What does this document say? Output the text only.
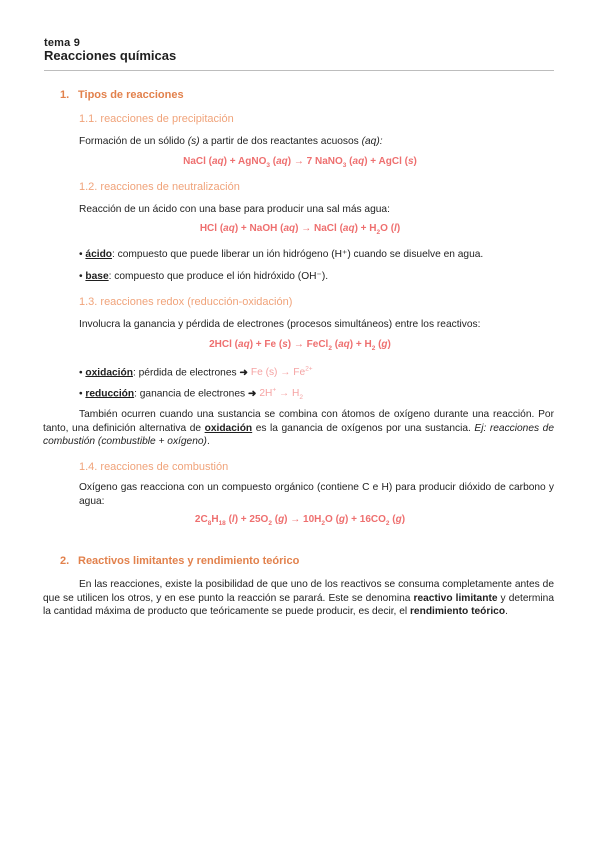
tema 9
Reacciones químicas
1. Tipos de reacciones
1.1. reacciones de precipitación
Formación de un sólido (s) a partir de dos reactantes acuosos (aq):
NaCl (aq) + AgNO$_3$ (aq) → 7 NaNO$_3$ (aq) + AgCl (s)
1.2. reacciones de neutralización
Reacción de un ácido con una base para producir una sal más agua:
HCl (aq) + NaOH (aq) → NaCl $(aq) + H_2O$ (l)
• ácido: compuesto que puede liberar un ión hidrógeno (H⁺) cuando se disuelve en agua.
• base: compuesto que produce el ión hidróxido (OH⁻).
1.3. reacciones redox (reducción-oxidación)
Involucra la ganancia y pérdida de electrones (procesos simultáneos) entre los reactivos:
2HCl (aq) + Fe (s) → FeCl$_2$ $(aq) + H_2$ (g)
• oxidación: pérdida de electrones ➜ Fe $(s) \to Fe^{2+}$
• reducción: ganancia de electrones ➜ $2H^+ \to H_2$
También ocurren cuando una sustancia se combina con átomos de oxígeno durante una reacción. Por tanto, una definición alternativa de oxidación es la ganancia de oxígenos por una sustancia. Ej: reacciones de combustión (combustible + oxígeno).
1.4. reacciones de combustión
Oxígeno gas reacciona con un compuesto orgánico (contiene C e H) para producir dióxido de carbono y agua:
$2C_8H_{18}$ $(l) + 25O_2$ $(g) \to 10H_2O$ $(g) + 16CO_2$ (g)
2. Reactivos limitantes y rendimiento teórico
En las reacciones, existe la posibilidad de que uno de los reactivos se consuma completamente antes de que se utilicen los otros, y en ese punto la reacción se parará. Este se denomina reactivo limitante y determina la cantidad máxima de producto que teóricamente se puede producir, es decir, el rendimiento teórico.
